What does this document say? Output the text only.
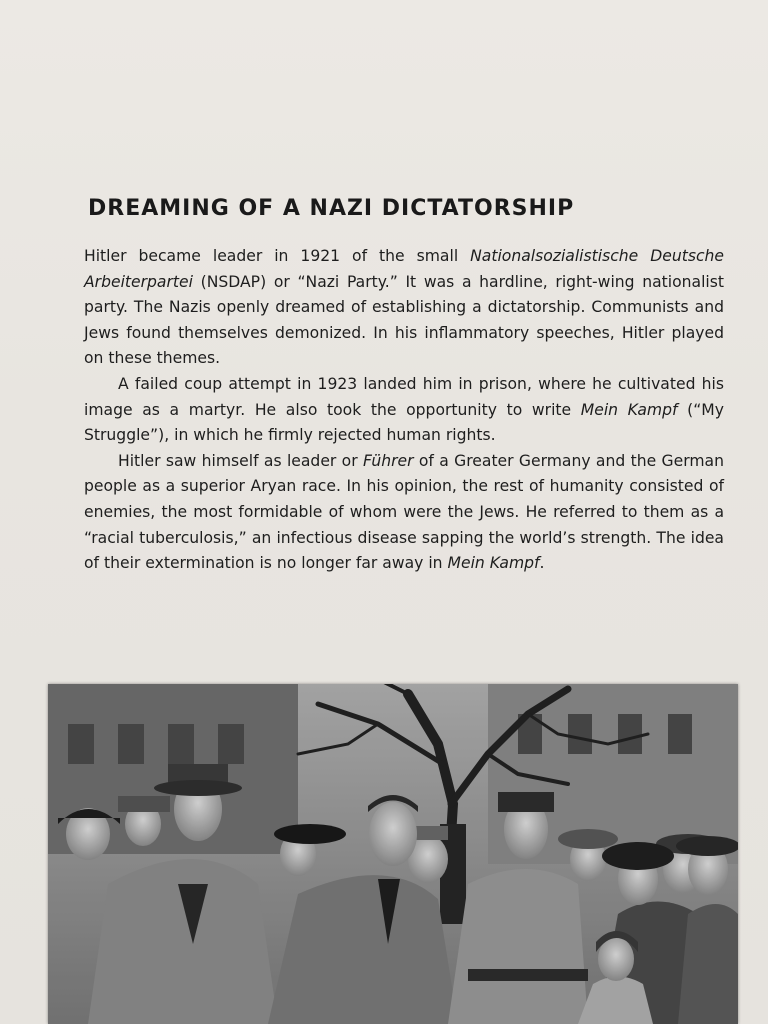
DREAMING OF A NAZI DICTATORSHIP

Hitler became leader in 1921 of the small Nationalsozialistische Deutsche Arbeiterpartei (NSDAP) or “Nazi Party.” It was a hardline, right-wing nationalist party. The Nazis openly dreamed of establishing a dictatorship. Communists and Jews found themselves demonized. In his inflammatory speeches, Hitler played on these themes.

A failed coup attempt in 1923 landed him in prison, where he cultivated his image as a martyr. He also took the opportunity to write Mein Kampf (“My Struggle”), in which he firmly rejected human rights.

Hitler saw himself as leader or Führer of a Greater Germany and the German people as a superior Aryan race. In his opinion, the rest of humanity consisted of enemies, the most formidable of whom were the Jews. He referred to them as a “racial tuberculosis,” an infectious disease sapping the world’s strength. The idea of their extermination is no longer far away in Mein Kampf.
